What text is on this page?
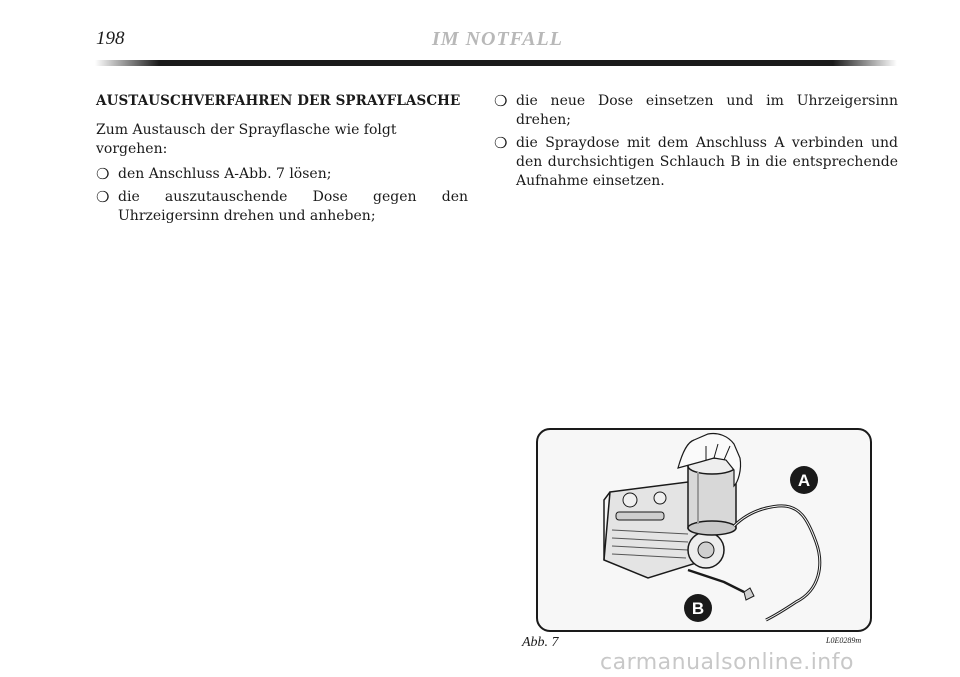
198	IM NOTFALL
AUSTAUSCHVERFAHREN DER SPRAYFLASCHE
Zum Austausch der Sprayflasche wie folgt vorgehen:
❍ den Anschluss A-Abb. 7 lösen;
❍ die auszutauschende Dose gegen den Uhrzeigersinn drehen und anheben;
❍ die neue Dose einsetzen und im Uhrzeigersinn drehen;
❍ die Spraydose mit dem Anschluss A verbinden und den durchsichtigen Schlauch B in die entsprechende Aufnahme einsetzen.
A
B
Abb. 7	L0E0289m
carmanualsonline.info
